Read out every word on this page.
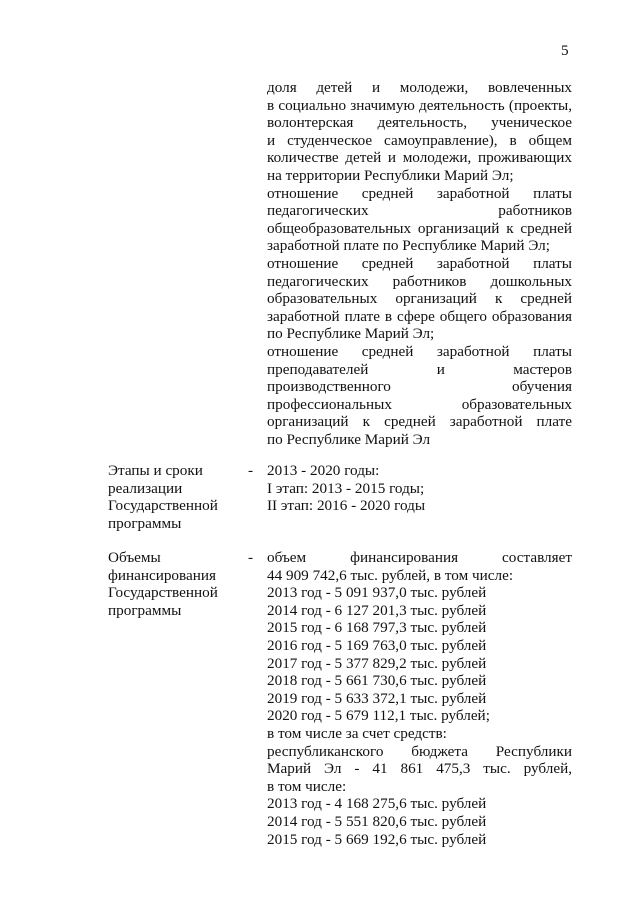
5
доля детей и молодежи, вовлеченных
в социально значимую деятельность (проекты,
волонтерская деятельность, ученическое
и студенческое самоуправление), в общем
количестве детей и молодежи, проживающих
на территории Республики Марий Эл;
отношение средней заработной платы
педагогических работников
общеобразовательных организаций к средней
заработной плате по Республике Марий Эл;
отношение средней заработной платы
педагогических работников дошкольных
образовательных организаций к средней
заработной плате в сфере общего образования
по Республике Марий Эл;
отношение средней заработной платы
преподавателей и мастеров
производственного обучения
профессиональных образовательных
организаций к средней заработной плате
по Республике Марий Эл
Этапы и сроки
реализации
Государственной
программы
- 2013 - 2020 годы:
I этап: 2013 - 2015 годы;
II этап: 2016 - 2020 годы
Объемы
финансирования
Государственной
программы
- объем финансирования составляет
44 909 742,6 тыс. рублей, в том числе:
2013 год - 5 091 937,0 тыс. рублей
2014 год - 6 127 201,3 тыс. рублей
2015 год - 6 168 797,3 тыс. рублей
2016 год - 5 169 763,0 тыс. рублей
2017 год - 5 377 829,2 тыс. рублей
2018 год - 5 661 730,6 тыс. рублей
2019 год - 5 633 372,1 тыс. рублей
2020 год - 5 679 112,1 тыс. рублей;
в том числе за счет средств:
республиканского бюджета Республики
Марий Эл - 41 861 475,3 тыс. рублей,
в том числе:
2013 год - 4 168 275,6 тыс. рублей
2014 год - 5 551 820,6 тыс. рублей
2015 год - 5 669 192,6 тыс. рублей
